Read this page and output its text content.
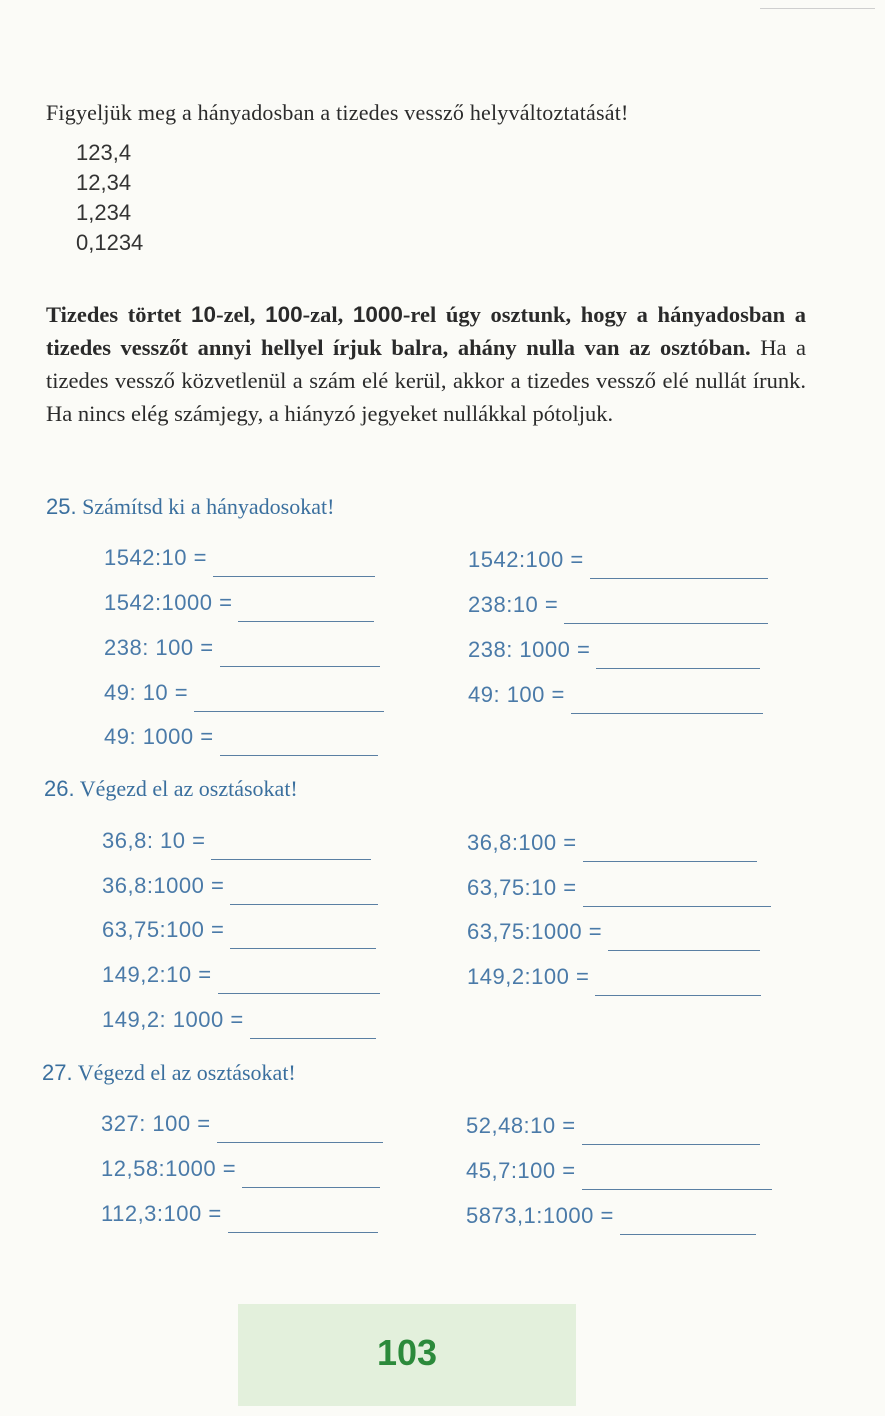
Figyeljük meg a hányadosban a tizedes vessző helyváltoztatását!
123,4
12,34
1,234
0,1234
Tizedes törtet 10-zel, 100-zal, 1000-rel úgy osztunk, hogy a hányadosban a tizedes vesszőt annyi hellyel írjuk balra, ahány nulla van az osztóban. Ha a tizedes vessző közvetlenül a szám elé kerül, akkor a tizedes vessző elé nullát írunk. Ha nincs elég számjegy, a hiányzó jegyeket nullákkal pótoljuk.
25. Számítsd ki a hányadosokat!
1542:10 =	1542:100 =
1542:1000 =	238:10 =
238: 100 =	238: 1000 =
49: 10 =	49: 100 =
49: 1000 =
26. Végezd el az osztásokat!
36,8: 10 =	36,8:100 =
36,8:1000 =	63,75:10 =
63,75:100 =	63,75:1000 =
149,2:10 =	149,2:100 =
149,2: 1000 =
27. Végezd el az osztásokat!
327: 100 =	52,48:10 =
12,58:1000 =	45,7:100 =
112,3:100 =	5873,1:1000 =
103
